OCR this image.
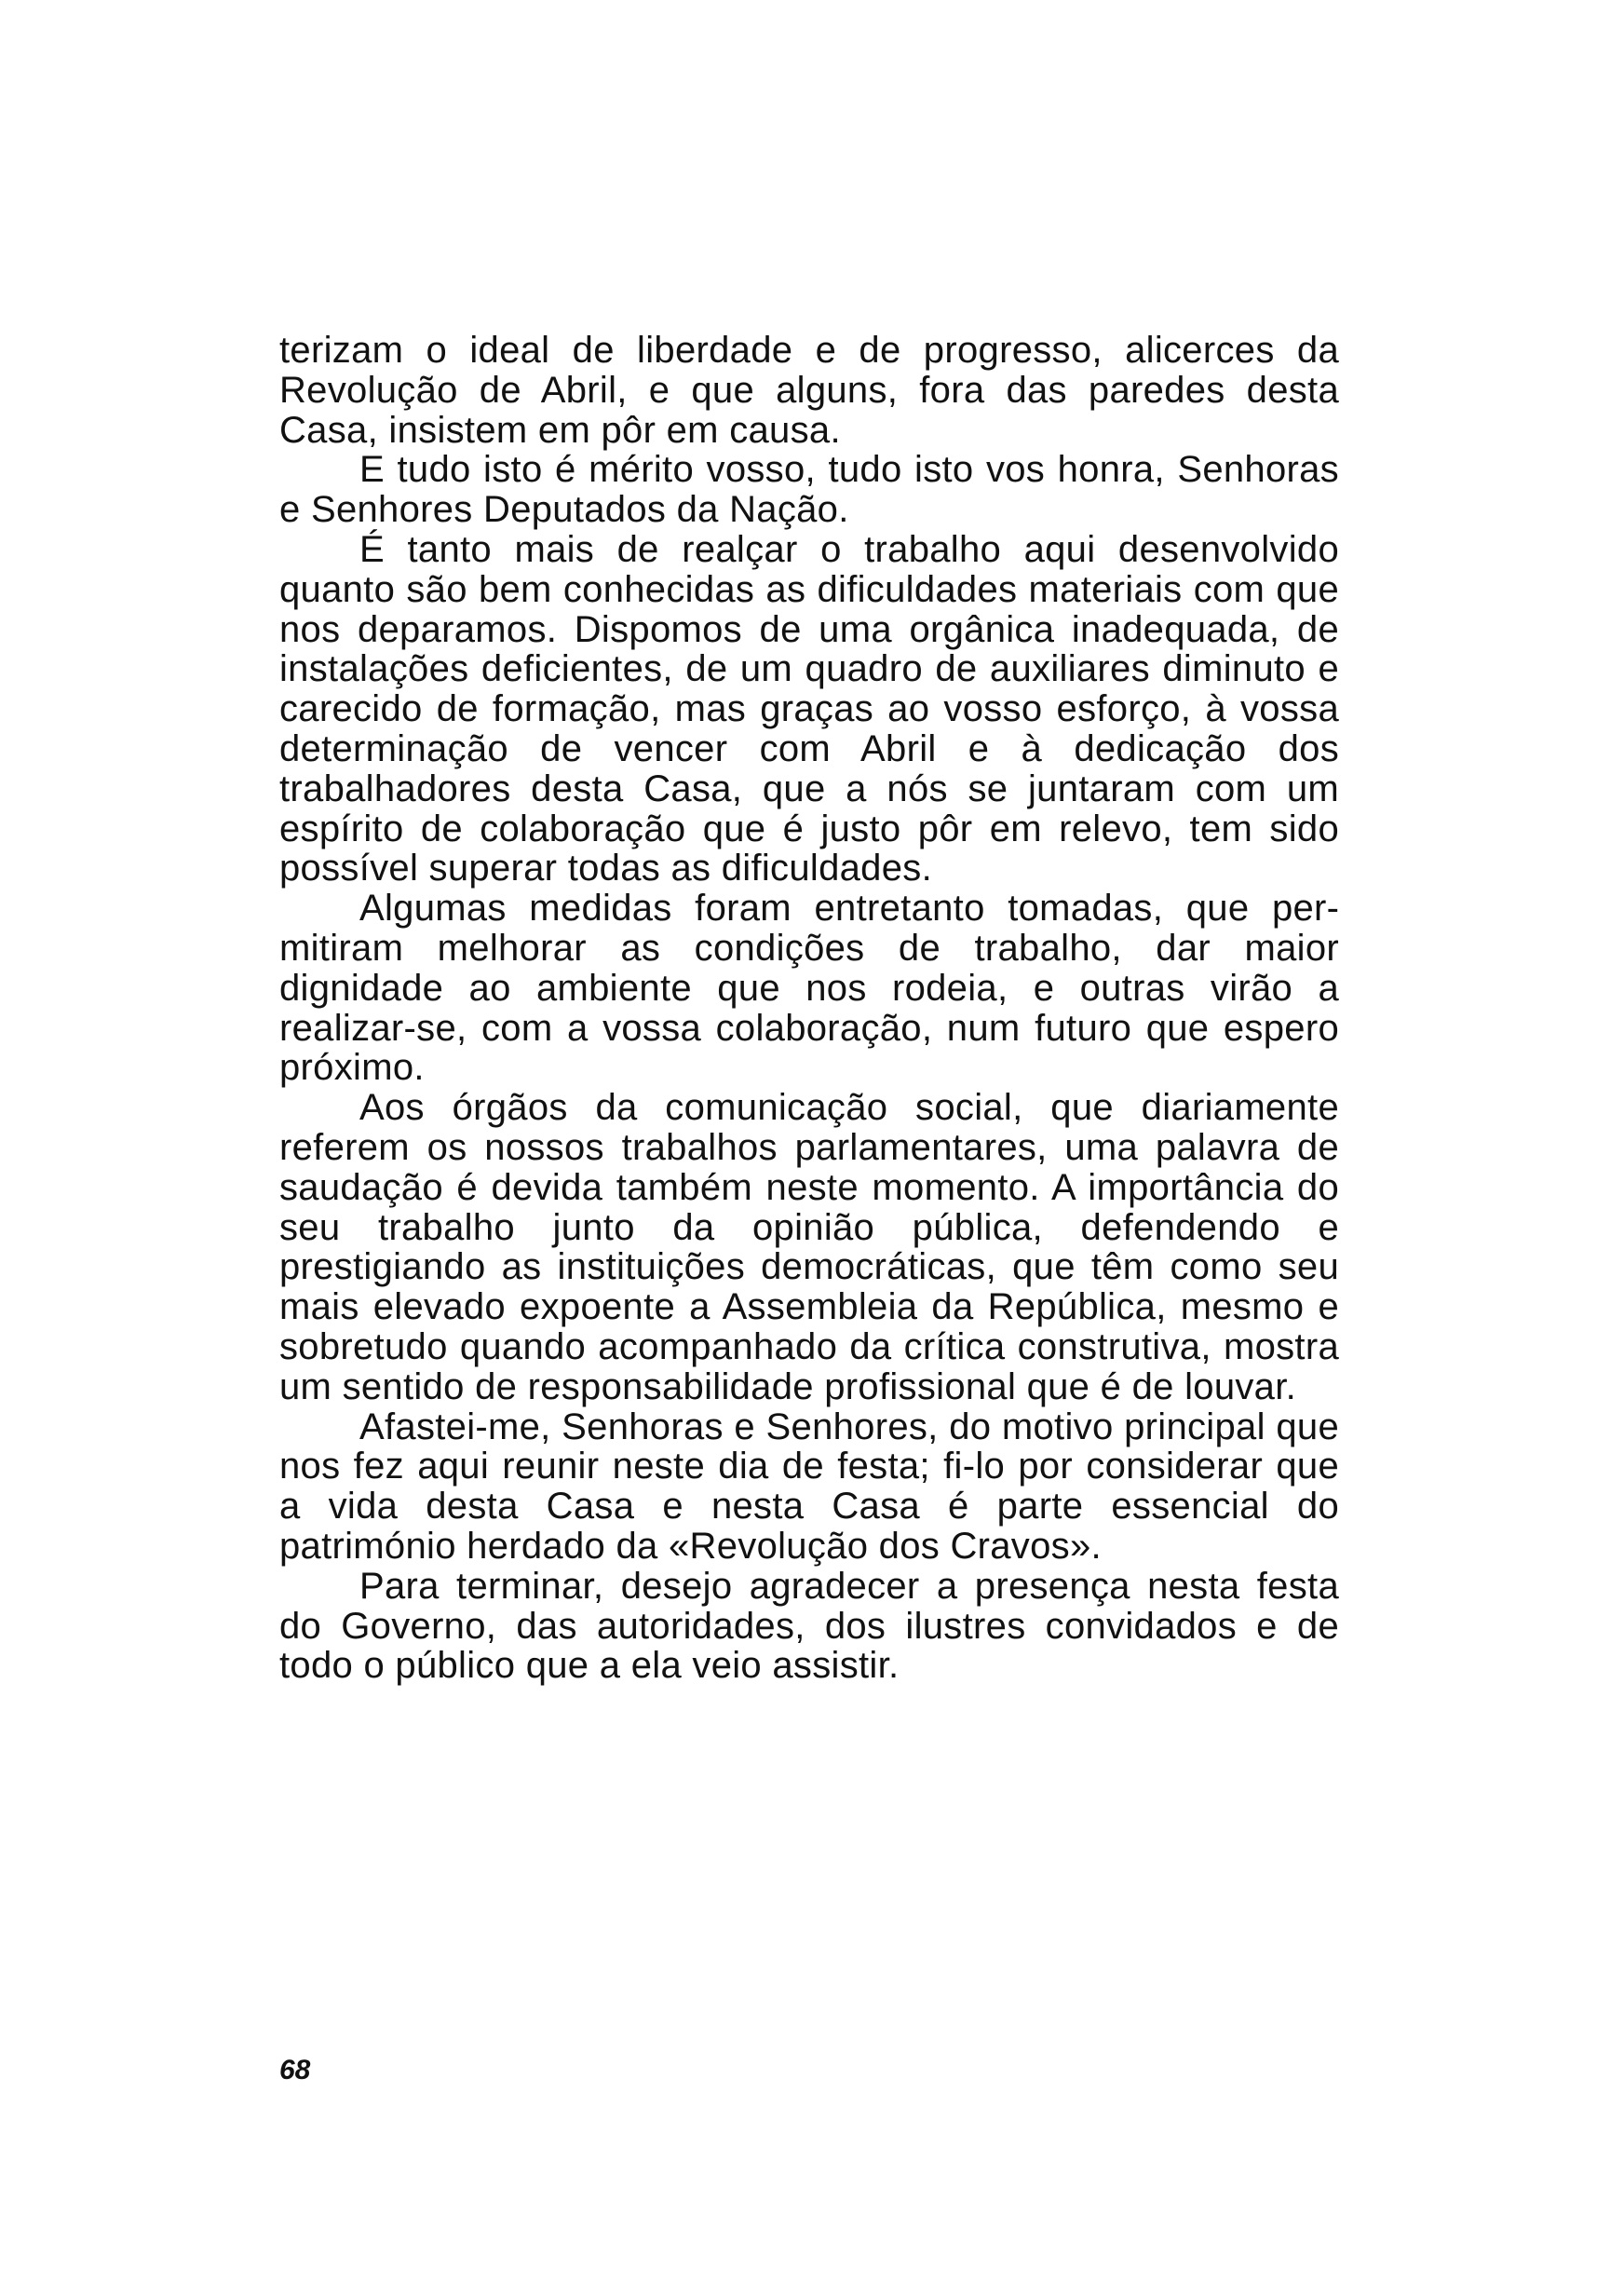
terizam o ideal de liberdade e de progresso, alicerces da Revolução de Abril, e que alguns, fora das paredes desta Casa, insistem em pôr em causa.

E tudo isto é mérito vosso, tudo isto vos honra, Senhoras e Senhores Deputados da Nação.

É tanto mais de realçar o trabalho aqui desenvolvido quanto são bem conhecidas as dificuldades materiais com que nos deparamos. Dispomos de uma orgânica inadequada, de instalações deficientes, de um quadro de auxiliares diminuto e carecido de formação, mas graças ao vosso esforço, à vossa determinação de vencer com Abril e à dedicação dos trabalhadores desta Casa, que a nós se juntaram com um espírito de colaboração que é justo pôr em relevo, tem sido possível superar todas as dificuldades.

Algumas medidas foram entretanto tomadas, que permitiram melhorar as condições de trabalho, dar maior dignidade ao ambiente que nos rodeia, e outras virão a realizar-se, com a vossa colaboração, num futuro que espero próximo.

Aos órgãos da comunicação social, que diariamente referem os nossos trabalhos parlamentares, uma palavra de saudação é devida também neste momento. A importância do seu trabalho junto da opinião pública, defendendo e prestigiando as instituições democráticas, que têm como seu mais elevado expoente a Assembleia da República, mesmo e sobretudo quando acompanhado da crítica construtiva, mostra um sentido de responsabilidade profissional que é de louvar.

Afastei-me, Senhoras e Senhores, do motivo principal que nos fez aqui reunir neste dia de festa; fi-lo por considerar que a vida desta Casa e nesta Casa é parte essencial do património herdado da «Revolução dos Cravos».

Para terminar, desejo agradecer a presença nesta festa do Governo, das autoridades, dos ilustres convidados e de todo o público que a ela veio assistir.

68
